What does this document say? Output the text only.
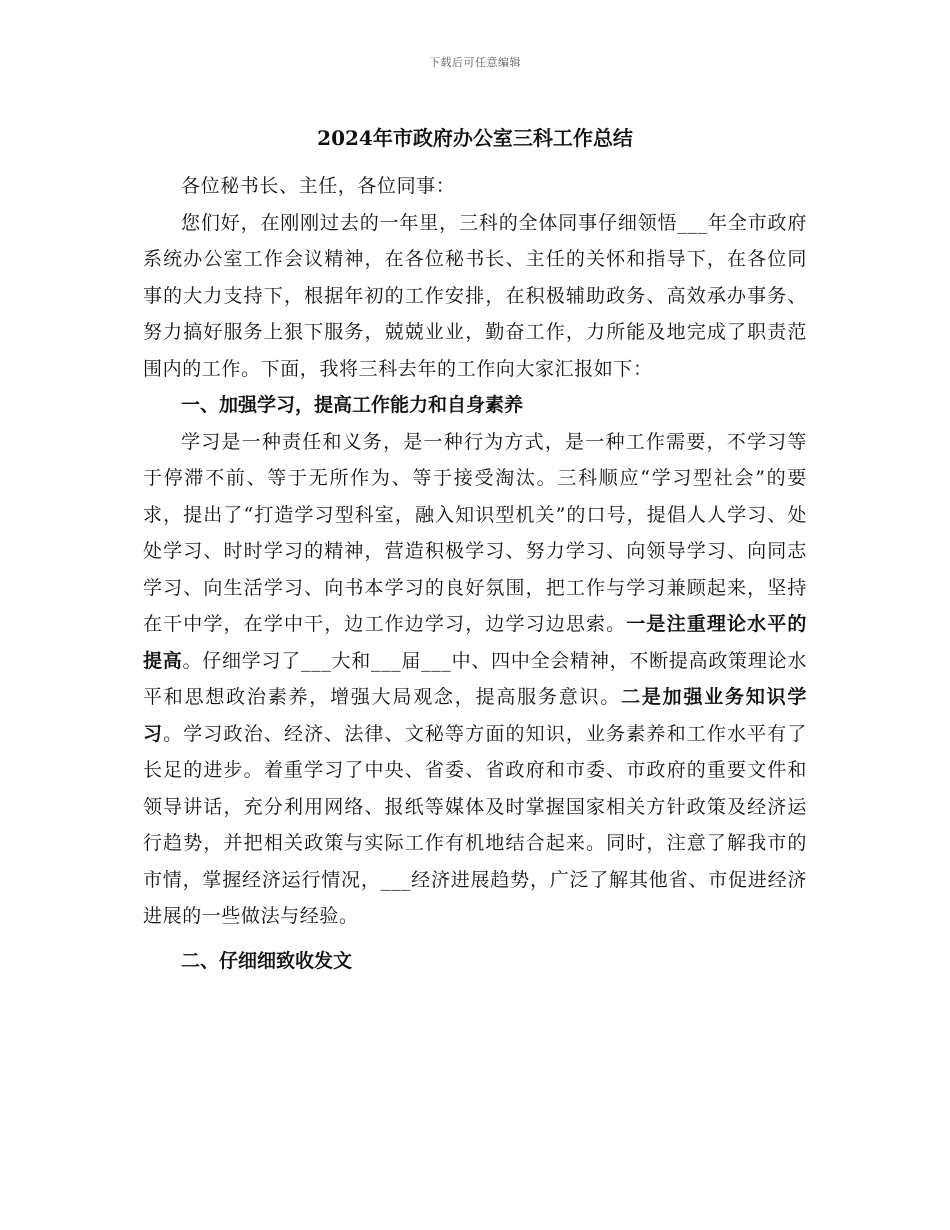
下载后可任意编辑
2024年市政府办公室三科工作总结

各位秘书长、主任，各位同事：

您们好，在刚刚过去的一年里，三科的全体同事仔细领悟___年全市政府系统办公室工作会议精神，在各位秘书长、主任的关怀和指导下，在各位同事的大力支持下，根据年初的工作安排，在积极辅助政务、高效承办事务、努力搞好服务上狠下服务，兢兢业业，勤奋工作，力所能及地完成了职责范围内的工作。下面，我将三科去年的工作向大家汇报如下：

一、加强学习，提高工作能力和自身素养

学习是一种责任和义务，是一种行为方式，是一种工作需要，不学习等于停滞不前、等于无所作为、等于接受淘汰。三科顺应“学习型社会”的要求，提出了“打造学习型科室，融入知识型机关”的口号，提倡人人学习、处处学习、时时学习的精神，营造积极学习、努力学习、向领导学习、向同志学习、向生活学习、向书本学习的良好氛围，把工作与学习兼顾起来，坚持在干中学，在学中干，边工作边学习，边学习边思索。一是注重理论水平的提高。仔细学习了___大和___届___中、四中全会精神，不断提高政策理论水平和思想政治素养，增强大局观念，提高服务意识。二是加强业务知识学习。学习政治、经济、法律、文秘等方面的知识，业务素养和工作水平有了长足的进步。着重学习了中央、省委、省政府和市委、市政府的重要文件和领导讲话，充分利用网络、报纸等媒体及时掌握国家相关方针政策及经济运行趋势，并把相关政策与实际工作有机地结合起来。同时，注意了解我市的市情，掌握经济运行情况，___经济进展趋势，广泛了解其他省、市促进经济进展的一些做法与经验。

二、仔细细致收发文
